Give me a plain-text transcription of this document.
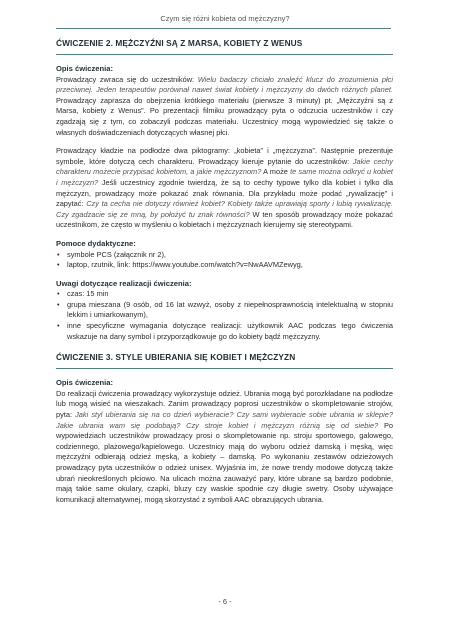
Czym się różni kobieta od mężczyzny?
ĆWICZENIE 2. MĘŻCZYŹNI SĄ Z MARSA, KOBIETY Z WENUS
Opis ćwiczenia:

Prowadzący zwraca się do uczestników: Wielu badaczy chciało znaleźć klucz do zrozumienia płci przeciwnej. Jeden terapeutów porównał nawet świat kobiety i mężczyzny do dwóch różnych planet. Prowadzący zaprasza do obejrzenia krótkiego materiału (pierwsze 3 minuty) pt. „Mężczyźni są z Marsa, kobiety z Wenus”. Po prezentacji filmiku prowadzący pyta o odczucia uczestników i czy zgadzają się z tym, co zobaczyli podczas materiału. Uczestnicy mogą wypowiedzieć się także o własnych doświadczeniach dotyczących własnej płci.

Prowadzący kładzie na podłodze dwa piktogramy: „kobieta” i „mężczyzna”. Następnie prezentuje symbole, które dotyczą cech charakteru. Prowadzący kieruje pytanie do uczestników: Jakie cechy charakteru możecie przypisać kobietom, a jakie mężczyznom? A może te same można odkryć u kobiet i mężczyzn? Jeśli uczestnicy zgodnie twierdzą, że są to cechy typowe tylko dla kobiet i tylko dla mężczyzn, prowadzący może pokazać znak równania. Dla przykładu może podać „rywalizację” i zapytać: Czy ta cecha nie dotyczy również kobiet? Kobiety także uprawiają sporty i lubią rywalizację. Czy zgadzacie się ze mną, by położyć tu znak równości? W ten sposób prowadzący może pokazać uczestnikom, że często w myśleniu o kobietach i mężczyznach kierujemy się stereotypami.

Pomoce dydaktyczne:
• symbole PCS (załącznik nr 2),
• laptop, rzutnik, link: https://www.youtube.com/watch?v=NwAAVMZewyg,
Uwagi dotyczące realizacji ćwiczenia:
• czas: 15 min
• grupa mieszana (9 osób, od 16 lat wzwyż, osoby z niepełnosprawnością intelektualną w stopniu lekkim i umiarkowanym),
• inne specyficzne wymagania dotyczące realizacji: użytkownik AAC podczas tego ćwiczenia wskazuje na dany symbol i przyporządkowuje go do kobiety bądź mężczyzny.
ĆWICZENIE 3. STYLE UBIERANIA SIĘ KOBIET I MĘŻCZYZN
Opis ćwiczenia:

Do realizacji ćwiczenia prowadzący wykorzystuje odzież. Ubrania mogą być porozkładane na podłodze lub mogą wisieć na wieszakach. Zanim prowadzący poprosi uczestników o skompletowanie strojów, pyta: Jaki styl ubierania się na co dzień wybieracie? Czy sami wybieracie sobie ubrania w sklepie? Jakie ubrania wam się podobają? Czy stroje kobiet i mężczyzn różnią się od siebie? Po wypowiedziach uczestników prowadzący prosi o skompletowanie np. stroju sportowego, galowego, codziennego, plażowego/kąpielowego. Uczestnicy mają do wyboru odzież damską i męską, więc mężczyźni odbierają odzież męską, a kobiety – damską. Po wykonaniu zestawów odzieżowych prowadzący pyta uczestników o odzież unisex. Wyjaśnia im, że nowe trendy modowe dotyczą także ubrań nieokreślonych płciowo. Na ulicach można zauważyć pary, które ubrane są bardzo podobnie, mają takie same okulary, czapki, bluzy czy waskie spodnie czy długie swetry. Osoby używające komunikacji alternatywnej, mogą skorzystać z symboli AAC obrazujących ubrania.

- 6 -
